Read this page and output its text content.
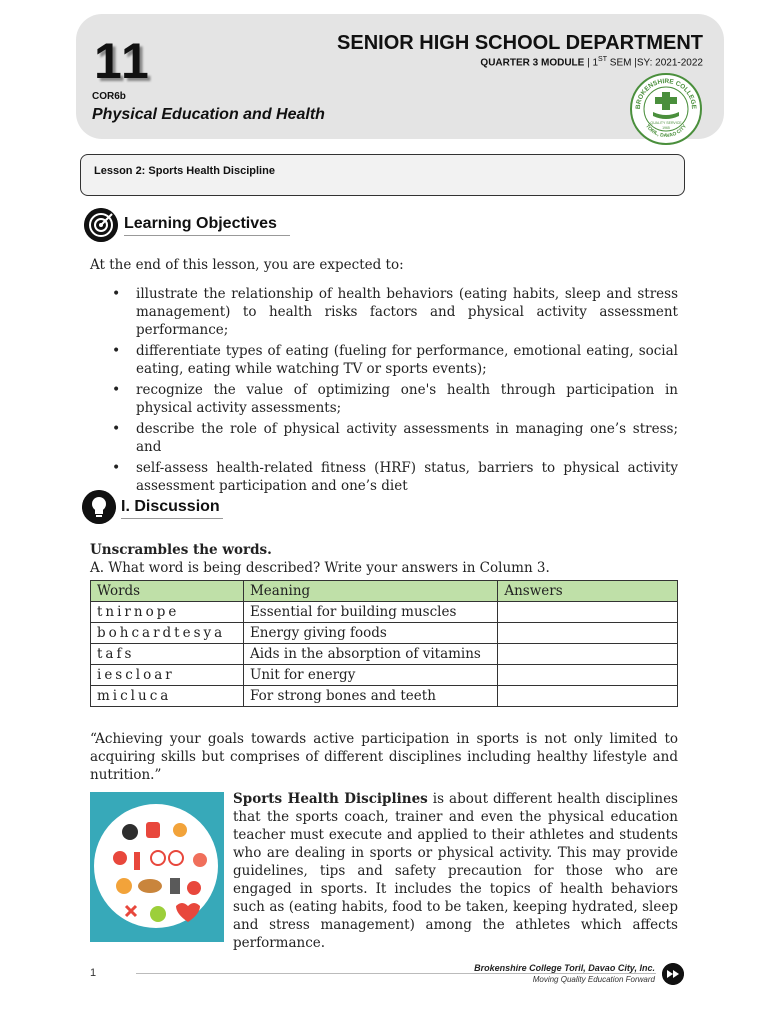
11
COR6b
Physical Education and Health
SENIOR HIGH SCHOOL DEPARTMENT
QUARTER 3 MODULE | 1ST SEM |SY: 2021-2022
BROKENSHIRE COLLEGE
TORIL, DAVAO CITY
QUALITY SERVICE
1965
Lesson 2: Sports Health Discipline
Learning Objectives
At the end of this lesson, you are expected to:
• illustrate the relationship of health behaviors (eating habits, sleep and stress management) to health risks factors and physical activity assessment performance;
• differentiate types of eating (fueling for performance, emotional eating, social eating, eating while watching TV or sports events);
• recognize the value of optimizing one's health through participation in physical activity assessments;
• describe the role of physical activity assessments in managing one’s stress; and
• self-assess health-related fitness (HRF) status, barriers to physical activity assessment participation and one’s diet
I. Discussion
Unscrambles the words.
A. What word is being described? Write your answers in Column 3.
Words	Meaning	Answers
tnirnope	Essential for building muscles	
bohcardtesya	Energy giving foods	
tafs	Aids in the absorption of vitamins	
iescloar	Unit for energy	
micluca	For strong bones and teeth	
“Achieving your goals towards active participation in sports is not only limited to acquiring skills but comprises of different disciplines including healthy lifestyle and nutrition.”
Sports Health Disciplines is about different health disciplines that the sports coach, trainer and even the physical education teacher must execute and applied to their athletes and students who are dealing in sports or physical activity. This may provide guidelines, tips and safety precaution for those who are engaged in sports. It includes the topics of health behaviors such as (eating habits, food to be taken, keeping hydrated, sleep and stress management) among the athletes which affects performance.
1	Brokenshire College Toril, Davao City, Inc.
Moving Quality Education Forward
